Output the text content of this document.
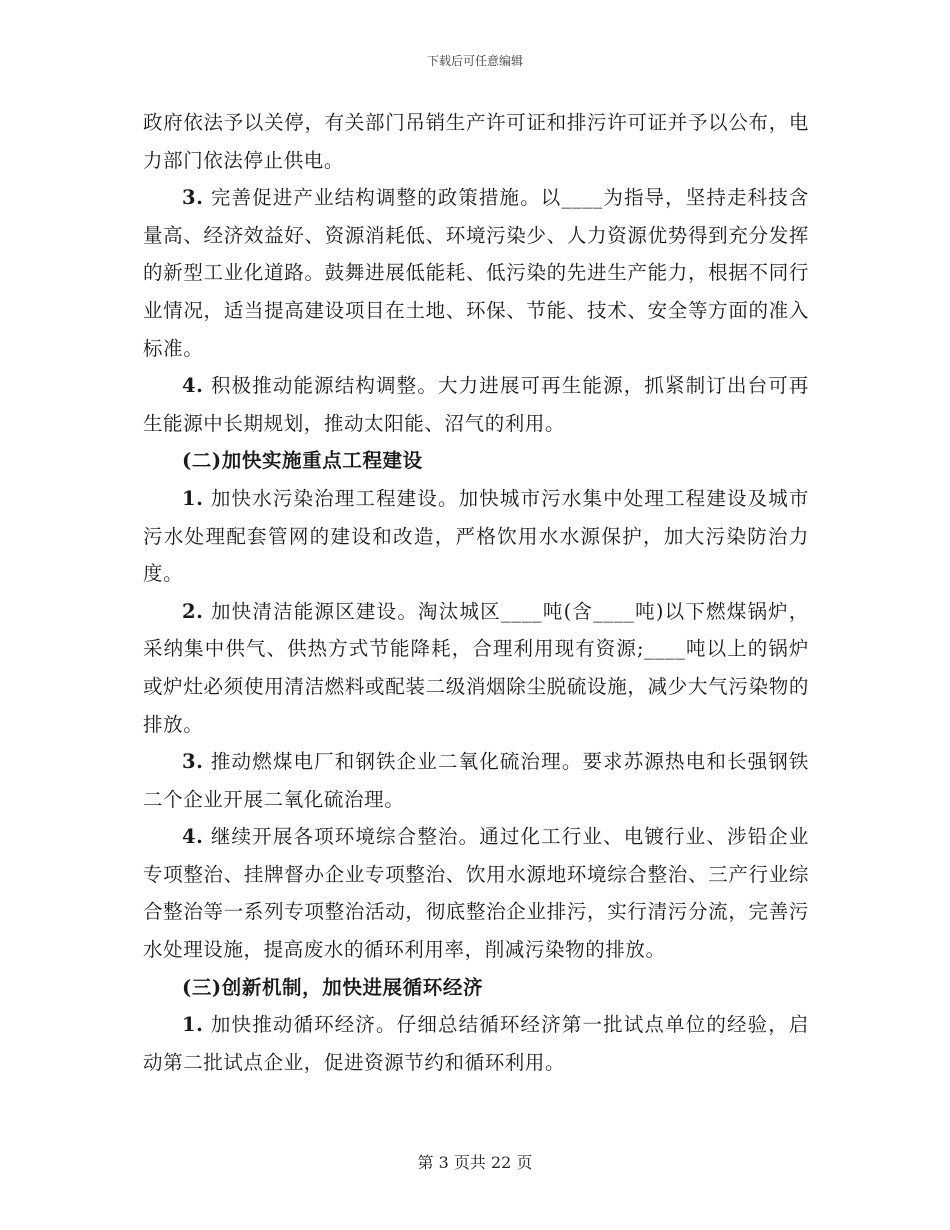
下载后可任意编辑

政府依法予以关停，有关部门吊销生产许可证和排污许可证并予以公布，电力部门依法停止供电。

3. 完善促进产业结构调整的政策措施。以____为指导，坚持走科技含量高、经济效益好、资源消耗低、环境污染少、人力资源优势得到充分发挥的新型工业化道路。鼓舞进展低能耗、低污染的先进生产能力，根据不同行业情况，适当提高建设项目在土地、环保、节能、技术、安全等方面的准入标准。

4. 积极推动能源结构调整。大力进展可再生能源，抓紧制订出台可再生能源中长期规划，推动太阳能、沼气的利用。

(二)加快实施重点工程建设

1. 加快水污染治理工程建设。加快城市污水集中处理工程建设及城市污水处理配套管网的建设和改造，严格饮用水水源保护，加大污染防治力度。

2. 加快清洁能源区建设。淘汰城区____吨(含____吨)以下燃煤锅炉，采纳集中供气、供热方式节能降耗，合理利用现有资源;____吨以上的锅炉或炉灶必须使用清洁燃料或配装二级消烟除尘脱硫设施，减少大气污染物的排放。

3. 推动燃煤电厂和钢铁企业二氧化硫治理。要求苏源热电和长强钢铁二个企业开展二氧化硫治理。

4. 继续开展各项环境综合整治。通过化工行业、电镀行业、涉铅企业专项整治、挂牌督办企业专项整治、饮用水源地环境综合整治、三产行业综合整治等一系列专项整治活动，彻底整治企业排污，实行清污分流，完善污水处理设施，提高废水的循环利用率，削减污染物的排放。

(三)创新机制，加快进展循环经济

1. 加快推动循环经济。仔细总结循环经济第一批试点单位的经验，启动第二批试点企业，促进资源节约和循环利用。

第 3 页共 22 页
